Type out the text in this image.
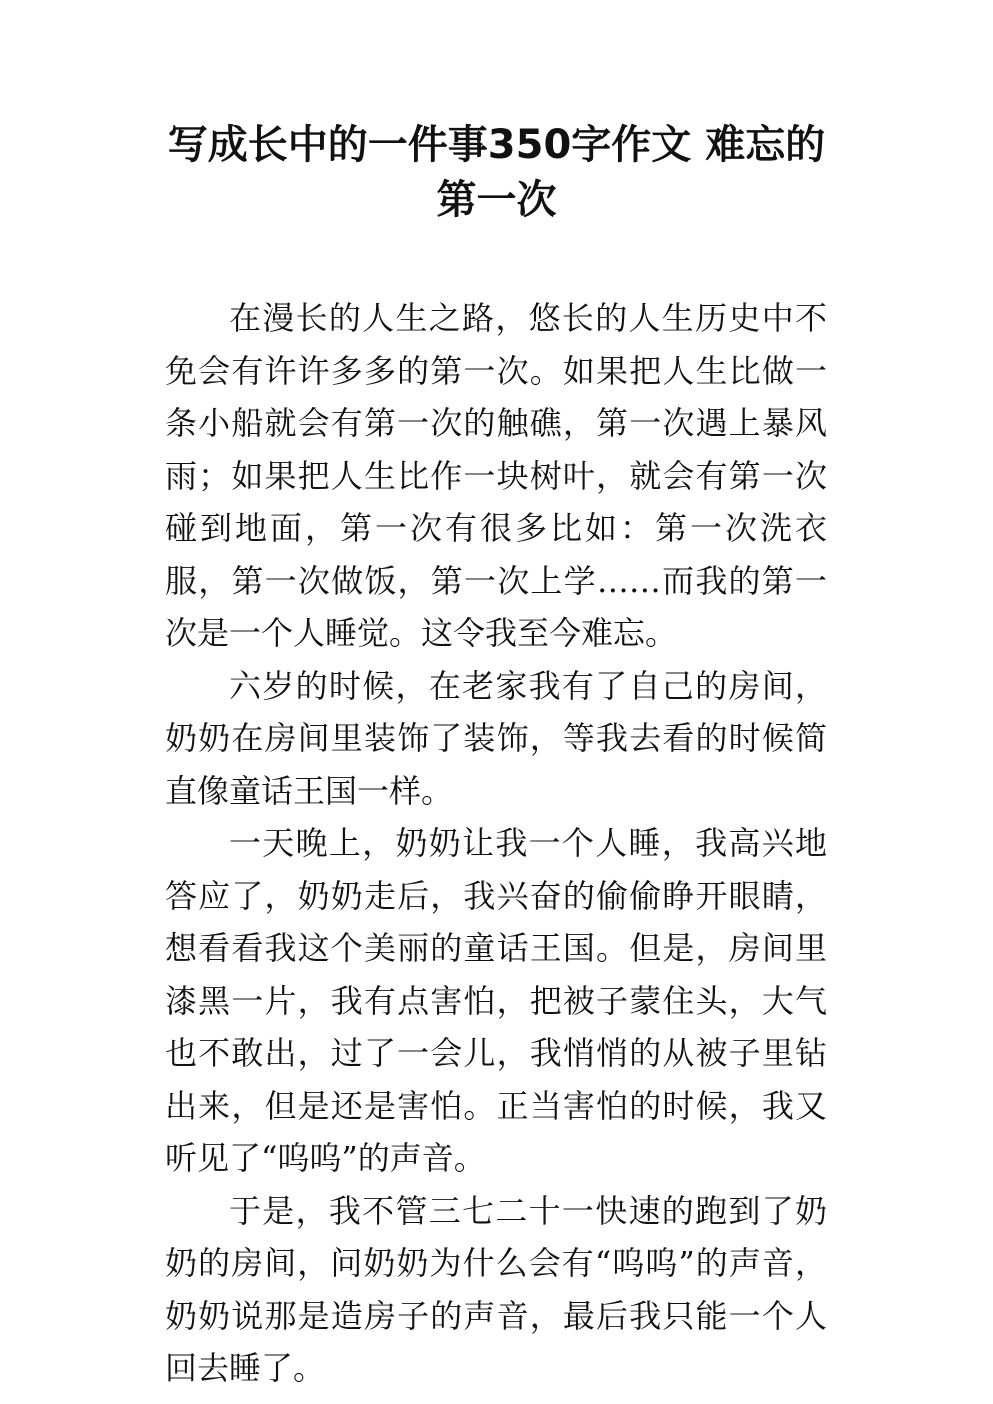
写成长中的一件事350字作文 难忘的
第一次

在漫长的人生之路，悠长的人生历史中不免会有许许多多的第一次。如果把人生比做一条小船就会有第一次的触礁，第一次遇上暴风雨；如果把人生比作一块树叶，就会有第一次碰到地面，第一次有很多比如：第一次洗衣服，第一次做饭，第一次上学……而我的第一次是一个人睡觉。这令我至今难忘。

六岁的时候，在老家我有了自己的房间，奶奶在房间里装饰了装饰，等我去看的时候简直像童话王国一样。

一天晚上，奶奶让我一个人睡，我高兴地答应了，奶奶走后，我兴奋的偷偷睁开眼睛，想看看我这个美丽的童话王国。但是，房间里漆黑一片，我有点害怕，把被子蒙住头，大气也不敢出，过了一会儿，我悄悄的从被子里钻出来，但是还是害怕。正当害怕的时候，我又听见了“呜呜”的声音。

于是，我不管三七二十一快速的跑到了奶奶的房间，问奶奶为什么会有“呜呜”的声音，奶奶说那是造房子的声音，最后我只能一个人回去睡了。
